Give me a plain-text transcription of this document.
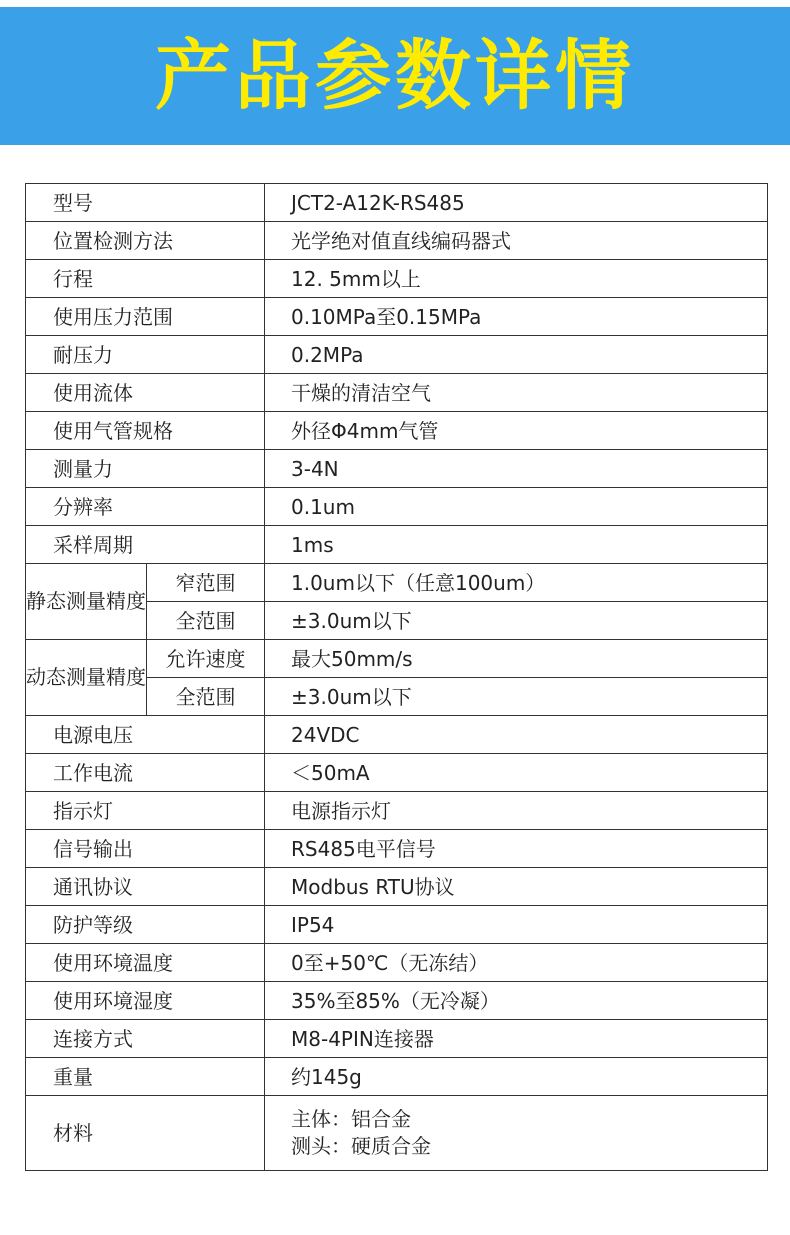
产品参数详情
型号		JCT2-A12K-RS485
位置检测方法		光学绝对值直线编码器式
行程		12. 5mm以上
使用压力范围		0.10MPa至0.15MPa
耐压力		0.2MPa
使用流体		干燥的清洁空气
使用气管规格		外径Φ4mm气管
测量力		3-4N
分辨率		0.1um
采样周期		1ms
静态测量精度	窄范围	1.0um以下（任意100um）
	全范围	±3.0um以下
动态测量精度	允许速度	最大50mm/s
	全范围	±3.0um以下
电源电压		24VDC
工作电流		＜50mA
指示灯		电源指示灯
信号输出		RS485电平信号
通讯协议		Modbus RTU协议
防护等级		IP54
使用环境温度		0至+50℃（无冻结）
使用环境湿度		35%至85%（无冷凝）
连接方式		M8-4PIN连接器
重量		约145g
材料		主体：铝合金
测头：硬质合金
